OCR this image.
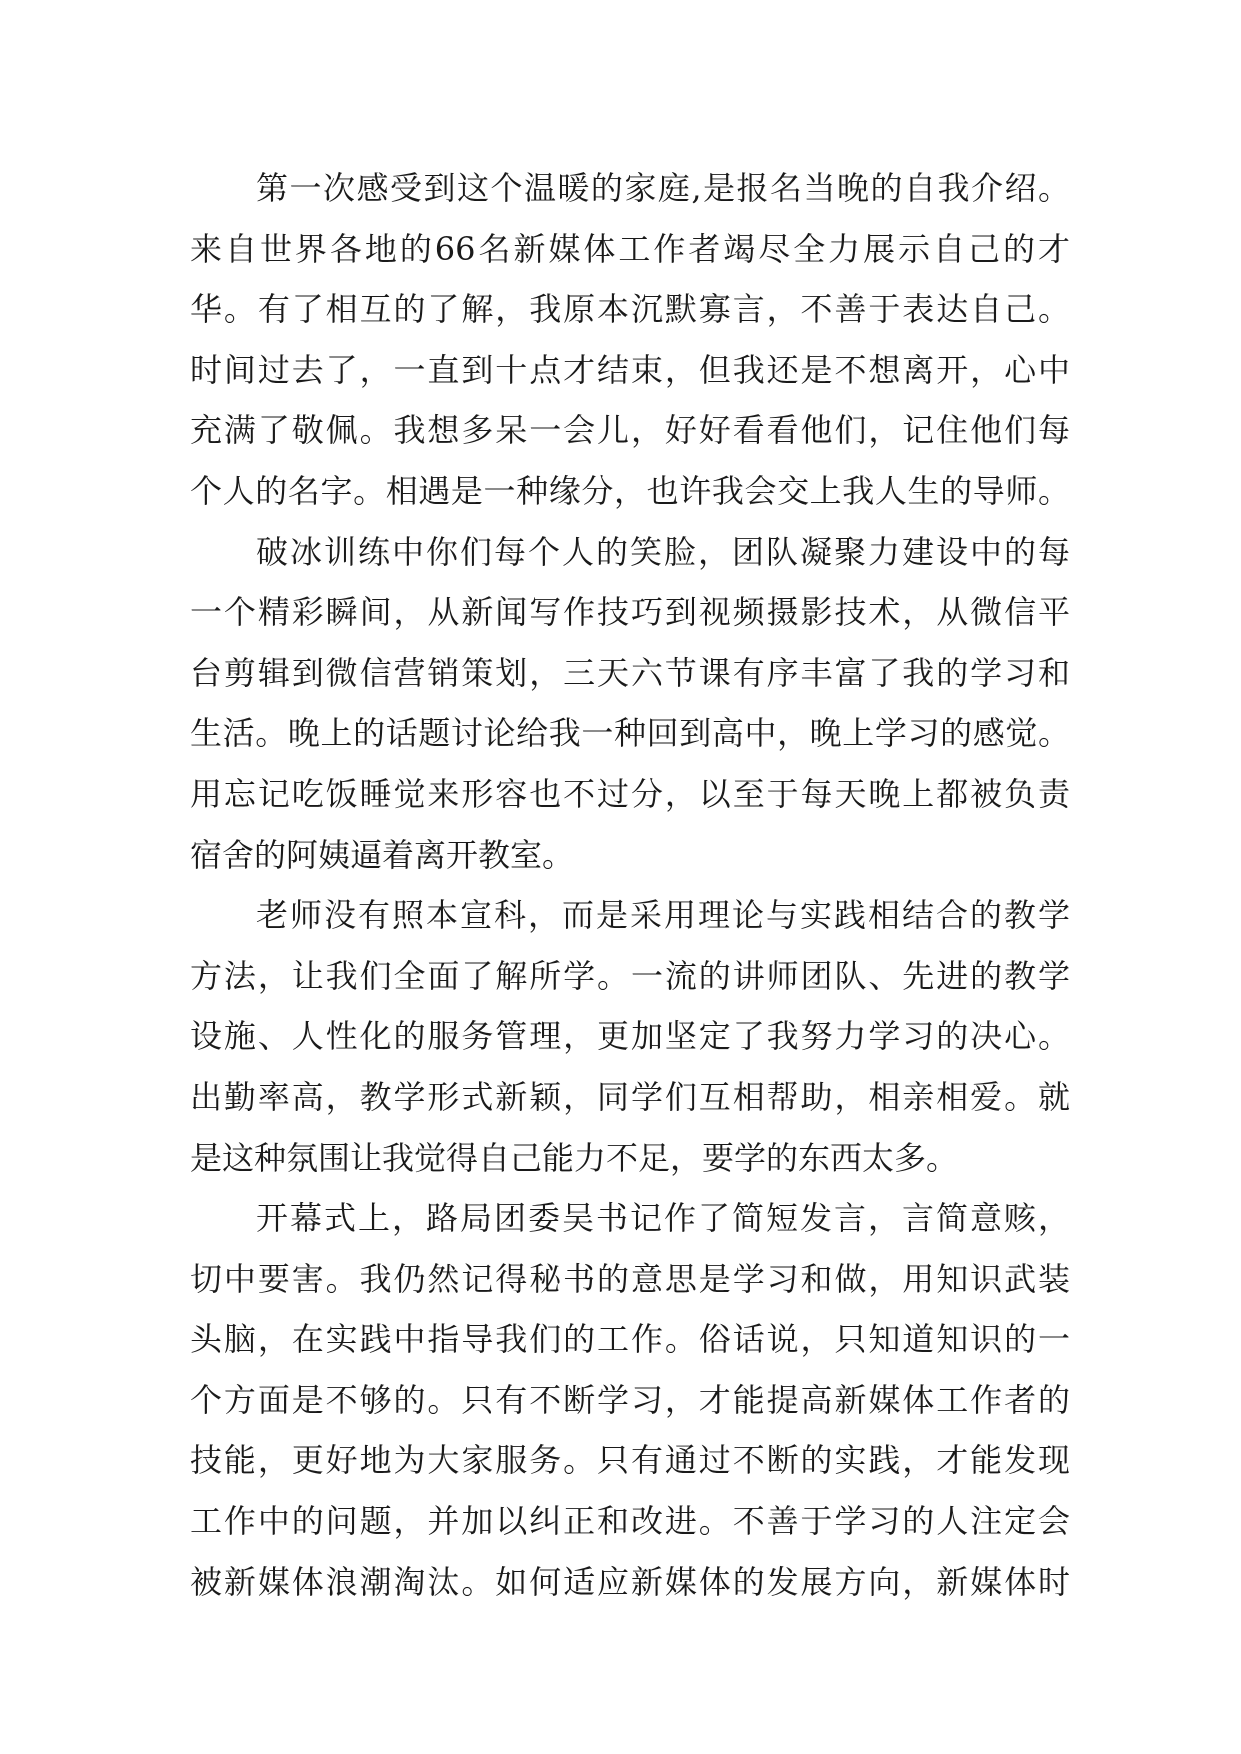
第一次感受到这个温暖的家庭,是报名当晚的自我介绍。
来自世界各地的66名新媒体工作者竭尽全力展示自己的才
华。有了相互的了解，我原本沉默寡言，不善于表达自己。
时间过去了，一直到十点才结束，但我还是不想离开，心中
充满了敬佩。我想多呆一会儿，好好看看他们，记住他们每
个人的名字。相遇是一种缘分，也许我会交上我人生的导师。
破冰训练中你们每个人的笑脸，团队凝聚力建设中的每
一个精彩瞬间，从新闻写作技巧到视频摄影技术，从微信平
台剪辑到微信营销策划，三天六节课有序丰富了我的学习和
生活。晚上的话题讨论给我一种回到高中，晚上学习的感觉。
用忘记吃饭睡觉来形容也不过分，以至于每天晚上都被负责
宿舍的阿姨逼着离开教室。
老师没有照本宣科，而是采用理论与实践相结合的教学
方法，让我们全面了解所学。一流的讲师团队、先进的教学
设施、人性化的服务管理，更加坚定了我努力学习的决心。
出勤率高，教学形式新颖，同学们互相帮助，相亲相爱。就
是这种氛围让我觉得自己能力不足，要学的东西太多。
开幕式上，路局团委吴书记作了简短发言，言简意赅，
切中要害。我仍然记得秘书的意思是学习和做，用知识武装
头脑，在实践中指导我们的工作。俗话说，只知道知识的一
个方面是不够的。只有不断学习，才能提高新媒体工作者的
技能，更好地为大家服务。只有通过不断的实践，才能发现
工作中的问题，并加以纠正和改进。不善于学习的人注定会
被新媒体浪潮淘汰。如何适应新媒体的发展方向，新媒体时
